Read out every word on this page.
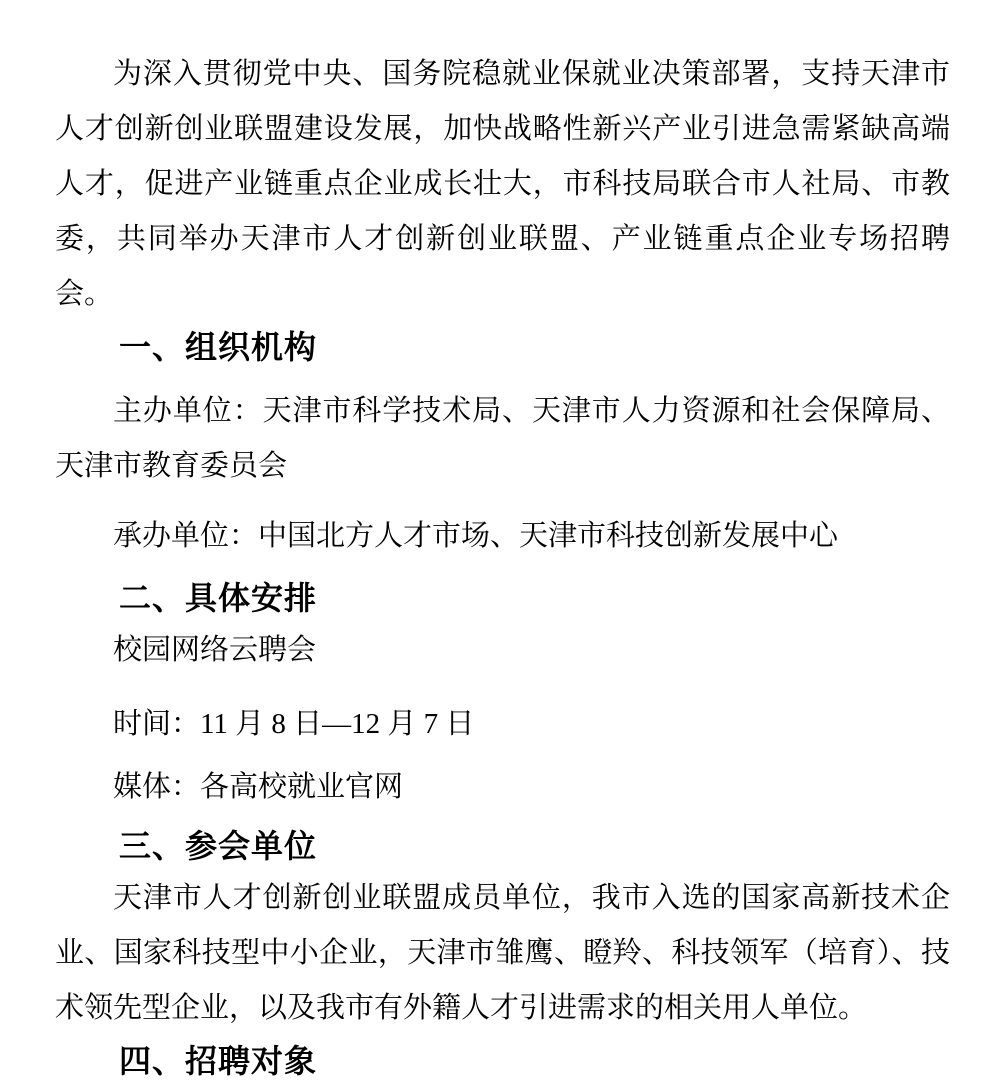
为深入贯彻党中央、国务院稳就业保就业决策部署，支持天津市人才创新创业联盟建设发展，加快战略性新兴产业引进急需紧缺高端人才，促进产业链重点企业成长壮大，市科技局联合市人社局、市教委，共同举办天津市人才创新创业联盟、产业链重点企业专场招聘会。

一、组织机构

主办单位：天津市科学技术局、天津市人力资源和社会保障局、天津市教育委员会

承办单位：中国北方人才市场、天津市科技创新发展中心

二、具体安排

校园网络云聘会

时间：11 月 8 日—12 月 7 日

媒体：各高校就业官网

三、参会单位

天津市人才创新创业联盟成员单位，我市入选的国家高新技术企业、国家科技型中小企业，天津市雏鹰、瞪羚、科技领军（培育）、技术领先型企业，以及我市有外籍人才引进需求的相关用人单位。

四、招聘对象
